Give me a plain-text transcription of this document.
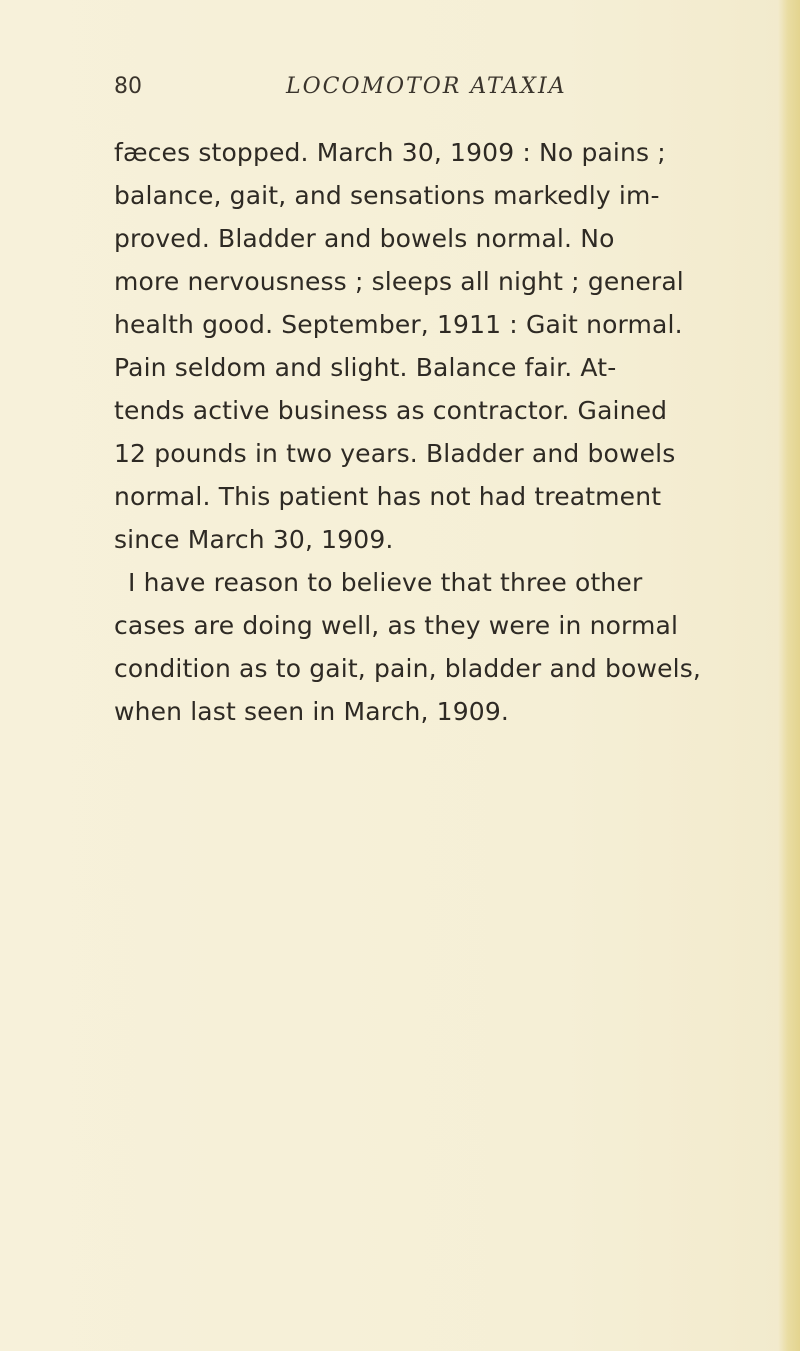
80	LOCOMOTOR ATAXIA
fæces stopped. March 30, 1909 : No pains ;
balance, gait, and sensations markedly im-
proved. Bladder and bowels normal. No
more nervousness ; sleeps all night ; general
health good. September, 1911 : Gait normal.
Pain seldom and slight. Balance fair. At-
tends active business as contractor. Gained
12 pounds in two years. Bladder and bowels
normal. This patient has not had treatment
since March 30, 1909.
I have reason to believe that three other
cases are doing well, as they were in normal
condition as to gait, pain, bladder and bowels,
when last seen in March, 1909.
